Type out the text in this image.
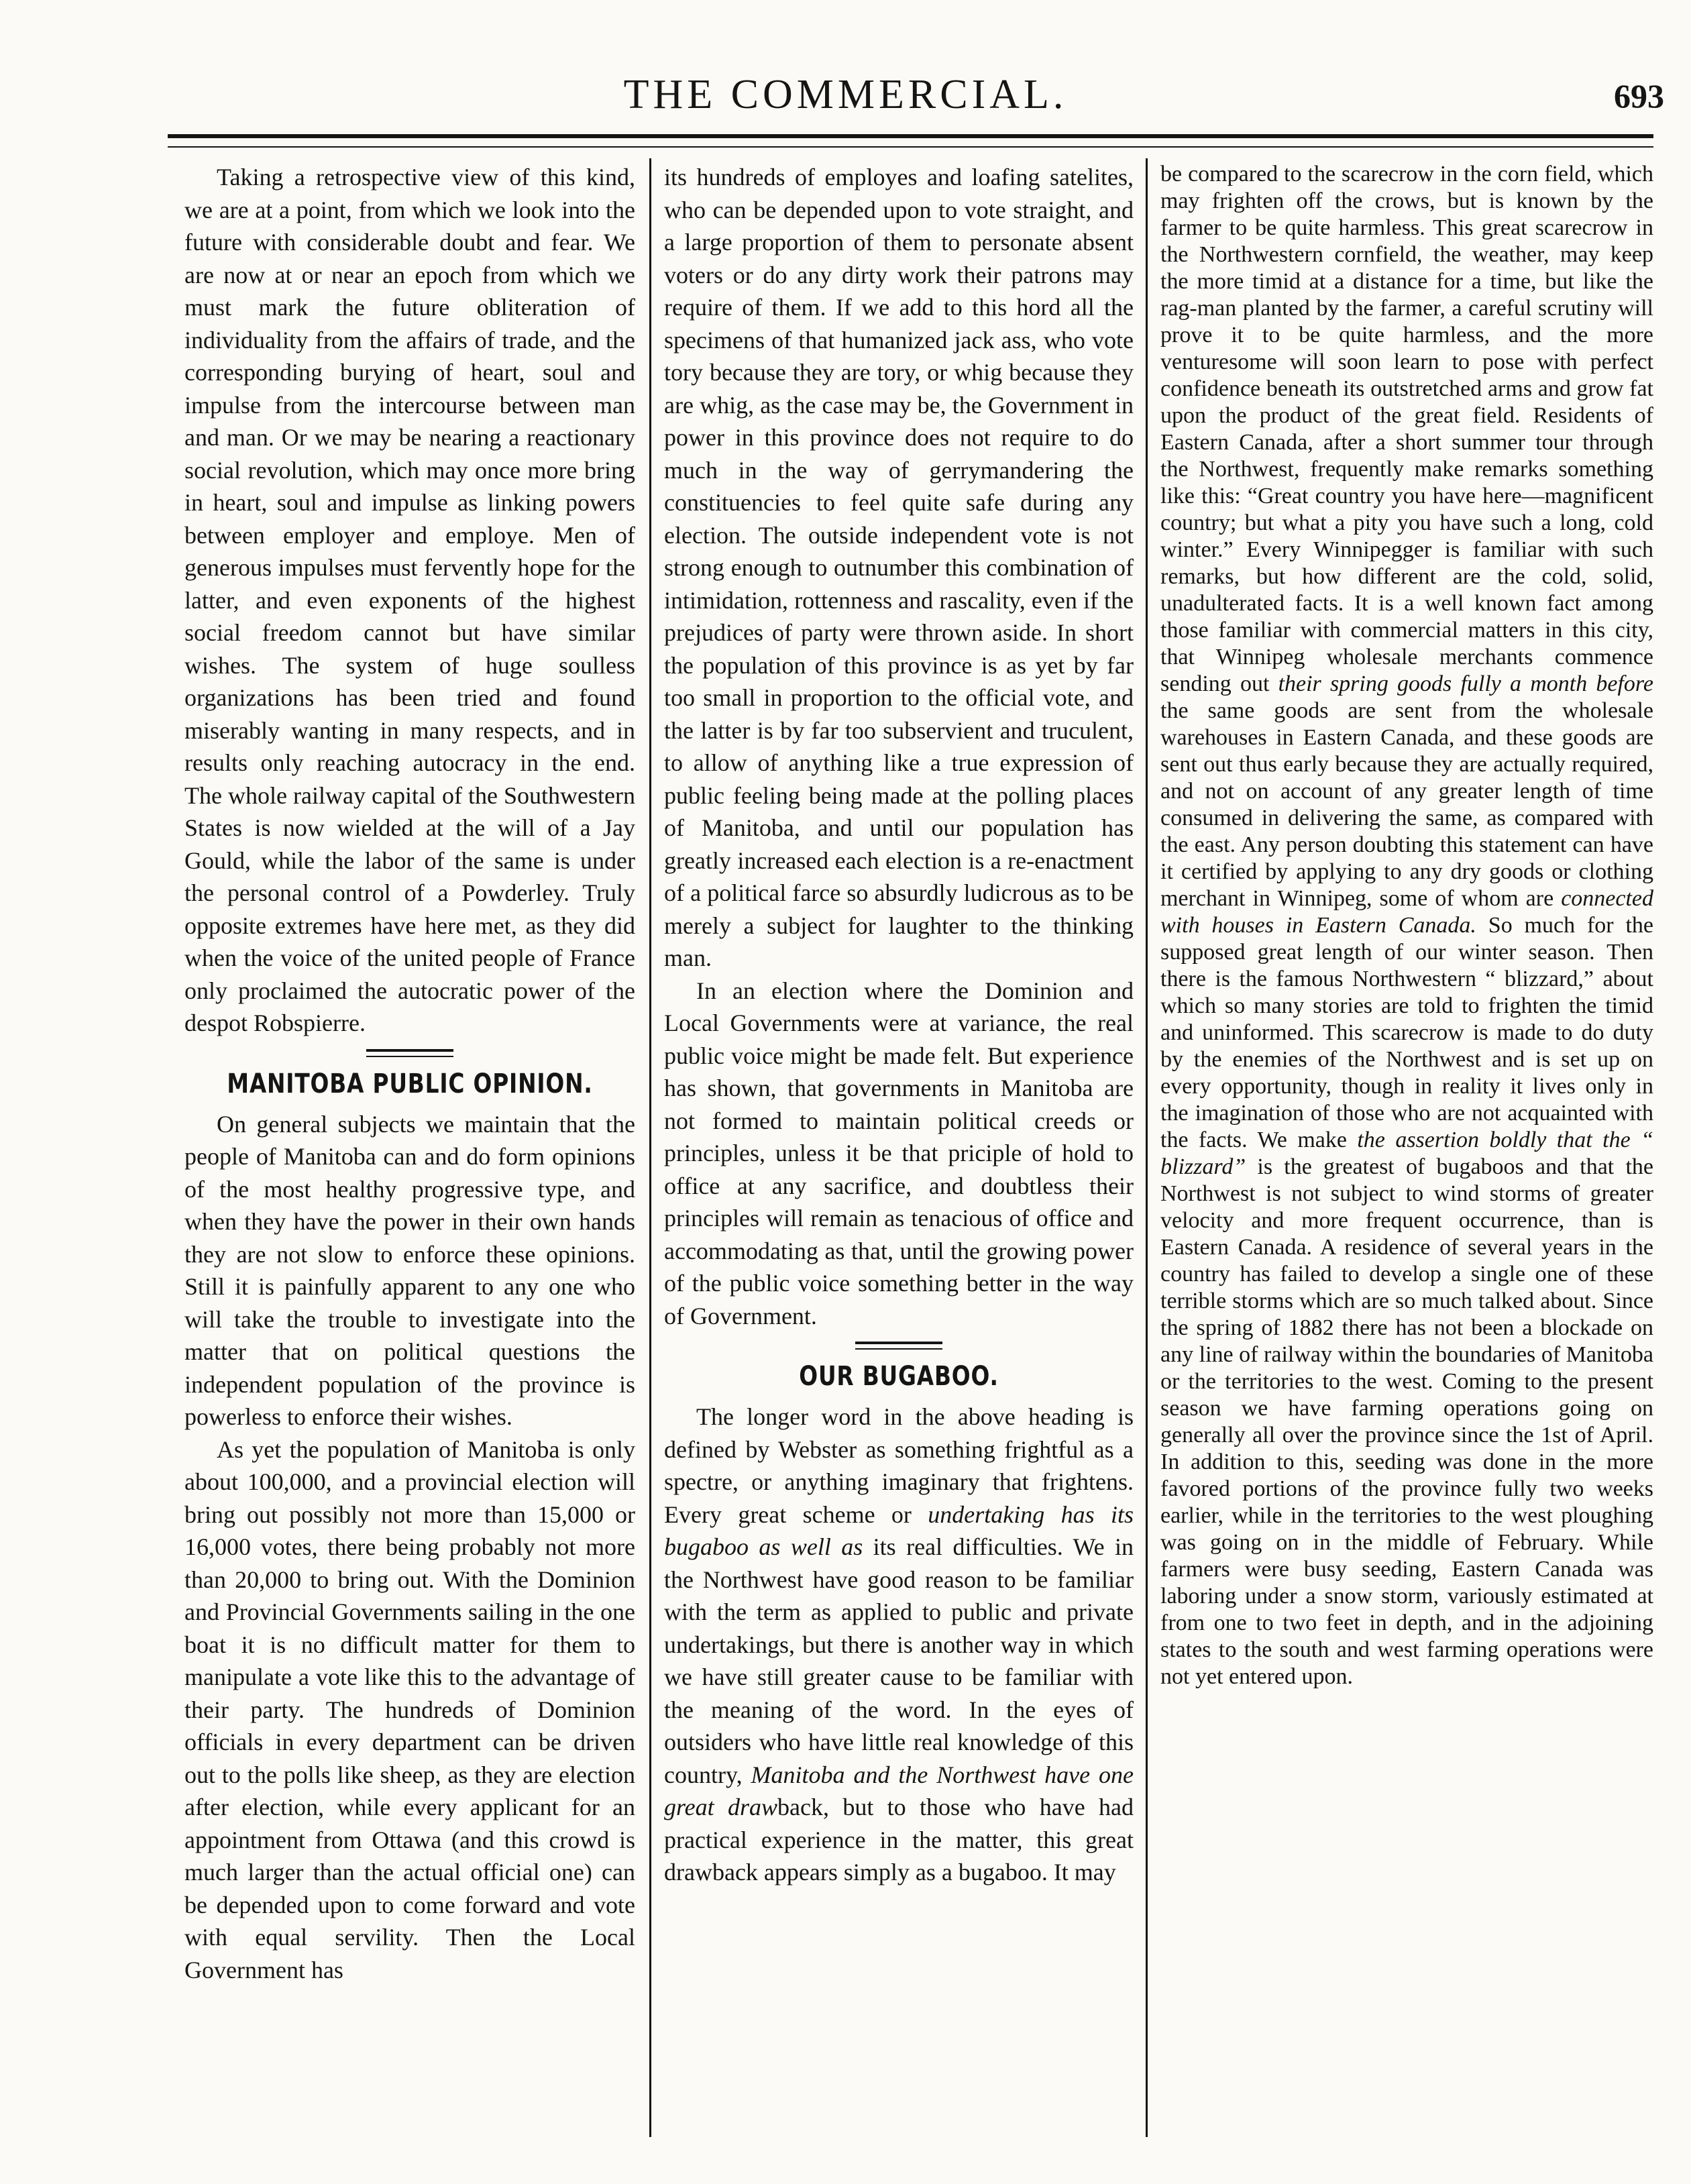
THE COMMERCIAL.	693

Taking a retrospective view of this kind, we are at a point, from which we look into the future with considerable doubt and fear. We are now at or near an epoch from which we must mark the future obliteration of individuality from the affairs of trade, and the corresponding burying of heart, soul and impulse from the intercourse between man and man. Or we may be nearing a reactionary social revolution, which may once more bring in heart, soul and impulse as linking powers between employer and employe. Men of generous impulses must fervently hope for the latter, and even exponents of the highest social freedom cannot but have similar wishes. The system of huge soulless organizations has been tried and found miserably wanting in many respects, and in results only reaching autocracy in the end. The whole railway capital of the Southwestern States is now wielded at the will of a Jay Gould, while the labor of the same is under the personal control of a Powderley. Truly opposite extremes have here met, as they did when the voice of the united people of France only proclaimed the autocratic power of the despot Robspierre.

MANITOBA PUBLIC OPINION.

On general subjects we maintain that the people of Manitoba can and do form opinions of the most healthy progressive type, and when they have the power in their own hands they are not slow to enforce these opinions. Still it is painfully apparent to any one who will take the trouble to investigate into the matter that on political questions the independent population of the province is powerless to enforce their wishes.

As yet the population of Manitoba is only about 100,000, and a provincial election will bring out possibly not more than 15,000 or 16,000 votes, there being probably not more than 20,000 to bring out. With the Dominion and Provincial Governments sailing in the one boat it is no difficult matter for them to manipulate a vote like this to the advantage of their party. The hundreds of Dominion officials in every department can be driven out to the polls like sheep, as they are election after election, while every applicant for an appointment from Ottawa (and this crowd is much larger than the actual official one) can be depended upon to come forward and vote with equal servility. Then the Local Government has

its hundreds of employes and loafing satelites, who can be depended upon to vote straight, and a large proportion of them to personate absent voters or do any dirty work their patrons may require of them. If we add to this hord all the specimens of that humanized jack ass, who vote tory because they are tory, or whig because they are whig, as the case may be, the Government in power in this province does not require to do much in the way of gerrymandering the constituencies to feel quite safe during any election. The outside independent vote is not strong enough to outnumber this combination of intimidation, rottenness and rascality, even if the prejudices of party were thrown aside. In short the population of this province is as yet by far too small in proportion to the official vote, and the latter is by far too subservient and truculent, to allow of anything like a true expression of public feeling being made at the polling places of Manitoba, and until our population has greatly increased each election is a re-enactment of a political farce so absurdly ludicrous as to be merely a subject for laughter to the thinking man.

In an election where the Dominion and Local Governments were at variance, the real public voice might be made felt. But experience has shown, that governments in Manitoba are not formed to maintain political creeds or principles, unless it be that priciple of hold to office at any sacrifice, and doubtless their principles will remain as tenacious of office and accommodating as that, until the growing power of the public voice something better in the way of Government.

OUR BUGABOO.

The longer word in the above heading is defined by Webster as something frightful as a spectre, or anything imaginary that frightens. Every great scheme or undertaking has its bugaboo as well as its real difficulties. We in the Northwest have good reason to be familiar with the term as applied to public and private undertakings, but there is another way in which we have still greater cause to be familiar with the meaning of the word. In the eyes of outsiders who have little real knowledge of this country, Manitoba and the Northwest have one great drawback, but to those who have had practical experience in the matter, this great drawback appears simply as a bugaboo. It may

be compared to the scarecrow in the corn field, which may frighten off the crows, but is known by the farmer to be quite harmless. This great scarecrow in the Northwestern cornfield, the weather, may keep the more timid at a distance for a time, but like the rag-man planted by the farmer, a careful scrutiny will prove it to be quite harmless, and the more venturesome will soon learn to pose with perfect confidence beneath its outstretched arms and grow fat upon the product of the great field. Residents of Eastern Canada, after a short summer tour through the Northwest, frequently make remarks something like this: “Great country you have here—magnificent country; but what a pity you have such a long, cold winter.” Every Winnipegger is familiar with such remarks, but how different are the cold, solid, unadulterated facts. It is a well known fact among those familiar with commercial matters in this city, that Winnipeg wholesale merchants commence sending out their spring goods fully a month before the same goods are sent from the wholesale warehouses in Eastern Canada, and these goods are sent out thus early because they are actually required, and not on account of any greater length of time consumed in delivering the same, as compared with the east. Any person doubting this statement can have it certified by applying to any dry goods or clothing merchant in Winnipeg, some of whom are connected with houses in Eastern Canada. So much for the supposed great length of our winter season. Then there is the famous Northwestern “ blizzard,” about which so many stories are told to frighten the timid and uninformed. This scarecrow is made to do duty by the enemies of the Northwest and is set up on every opportunity, though in reality it lives only in the imagination of those who are not acquainted with the facts. We make the assertion boldly that the “ blizzard” is the greatest of bugaboos and that the Northwest is not subject to wind storms of greater velocity and more frequent occurrence, than is Eastern Canada. A residence of several years in the country has failed to develop a single one of these terrible storms which are so much talked about. Since the spring of 1882 there has not been a blockade on any line of railway within the boundaries of Manitoba or the territories to the west. Coming to the present season we have farming operations going on generally all over the province since the 1st of April. In addition to this, seeding was done in the more favored portions of the province fully two weeks earlier, while in the territories to the west ploughing was going on in the middle of February. While farmers were busy seeding, Eastern Canada was laboring under a snow storm, variously estimated at from one to two feet in depth, and in the adjoining states to the south and west farming operations were not yet entered upon.
